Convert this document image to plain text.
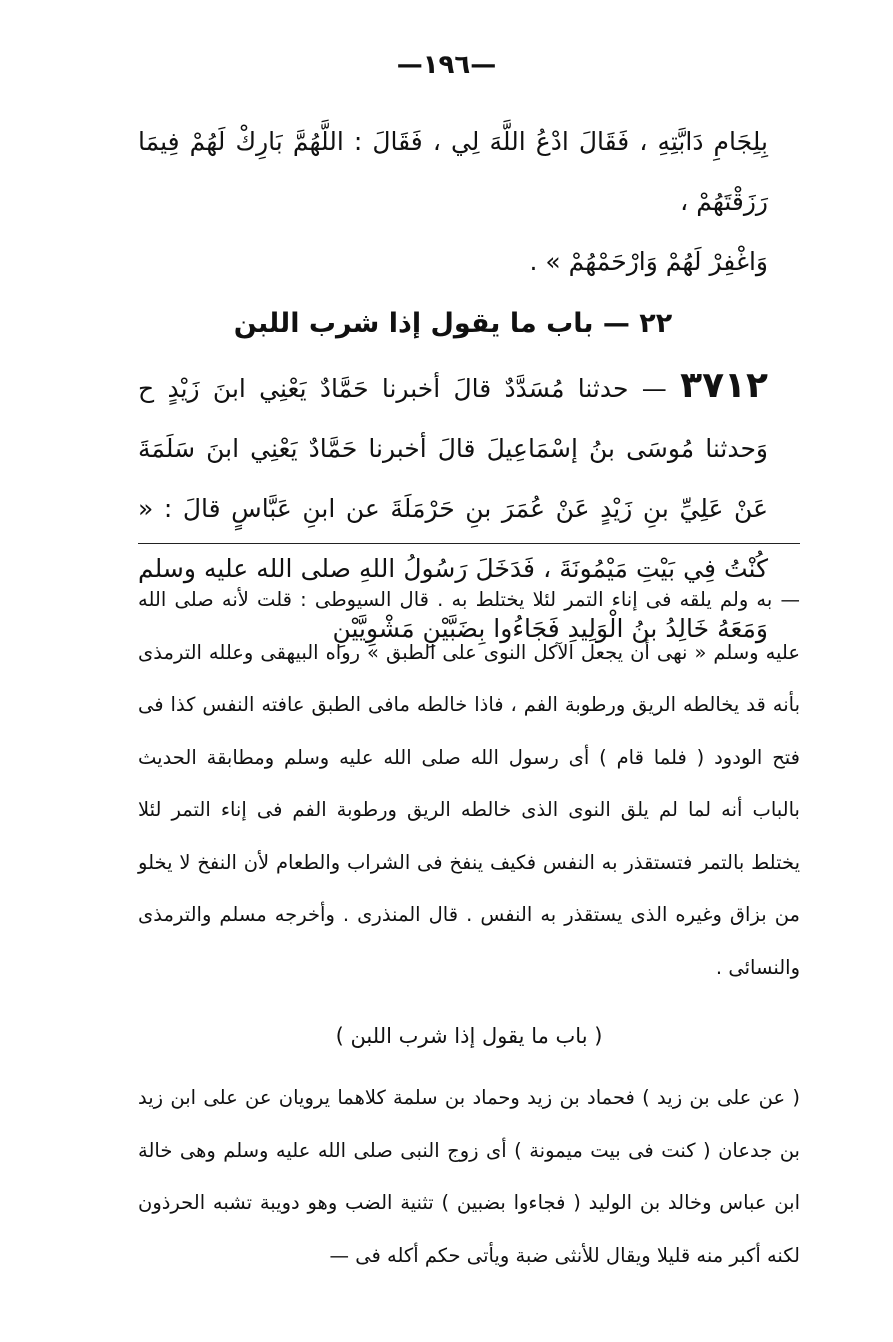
—١٩٦—

بِلِجَامِ دَابَّتِهِ ، فَقَالَ ادْعُ اللَّهَ لِي ، فَقَالَ : اللَّهُمَّ بَارِكْ لَهُمْ فِيمَا رَزَقْتَهُمْ ،

وَاغْفِرْ لَهُمْ وَارْحَمْهُمْ » .

٢٢ — باب ما يقول إذا شرب اللبن

٣٧١٢ — حدثنا مُسَدَّدٌ قالَ أخبرنا حَمَّادٌ يَعْنِي ابنَ زَيْدٍ ح وَحدثنا مُوسَى بنُ إسْمَاعِيلَ قالَ أخبرنا حَمَّادٌ يَعْنِي ابنَ سَلَمَةَ عَنْ عَلِيِّ بنِ زَيْدٍ عَنْ عُمَرَ بنِ حَرْمَلَةَ عن ابنِ عَبَّاسٍ قالَ : « كُنْتُ فِي بَيْتِ مَيْمُونَةَ ، فَدَخَلَ رَسُولُ اللهِ صلى الله عليه وسلم وَمَعَهُ خَالِدُ بنُ الْوَلِيدِ فَجَاءُوا بِضَبَّيْنِ مَشْوِيَّيْنِ

— به ولم يلقه فى إناء التمر لئلا يختلط به . قال السيوطى : قلت لأنه صلى الله عليه وسلم « نهى أن يجعل الآكل النوى على الطبق » رواه البيهقى وعلله الترمذى بأنه قد يخالطه الريق ورطوبة الفم ، فاذا خالطه مافى الطبق عافته النفس كذا فى فتح الودود ( فلما قام ) أى رسول الله صلى الله عليه وسلم ومطابقة الحديث بالباب أنه لما لم يلق النوى الذى خالطه الريق ورطوبة الفم فى إناء التمر لئلا يختلط بالتمر فتستقذر به النفس فكيف ينفخ فى الشراب والطعام لأن النفخ لا يخلو من بزاق وغيره الذى يستقذر به النفس . قال المنذرى . وأخرجه مسلم والترمذى والنسائى .

( باب ما يقول إذا شرب اللبن )

( عن على بن زيد ) فحماد بن زيد وحماد بن سلمة كلاهما يرويان عن على ابن زيد بن جدعان ( كنت فى بيت ميمونة ) أى زوج النبى صلى الله عليه وسلم وهى خالة ابن عباس وخالد بن الوليد ( فجاءوا بضبين ) تثنية الضب وهو دويبة تشبه الحرذون لكنه أكبر منه قليلا ويقال للأنثى ضبة ويأتى حكم أكله فى —
